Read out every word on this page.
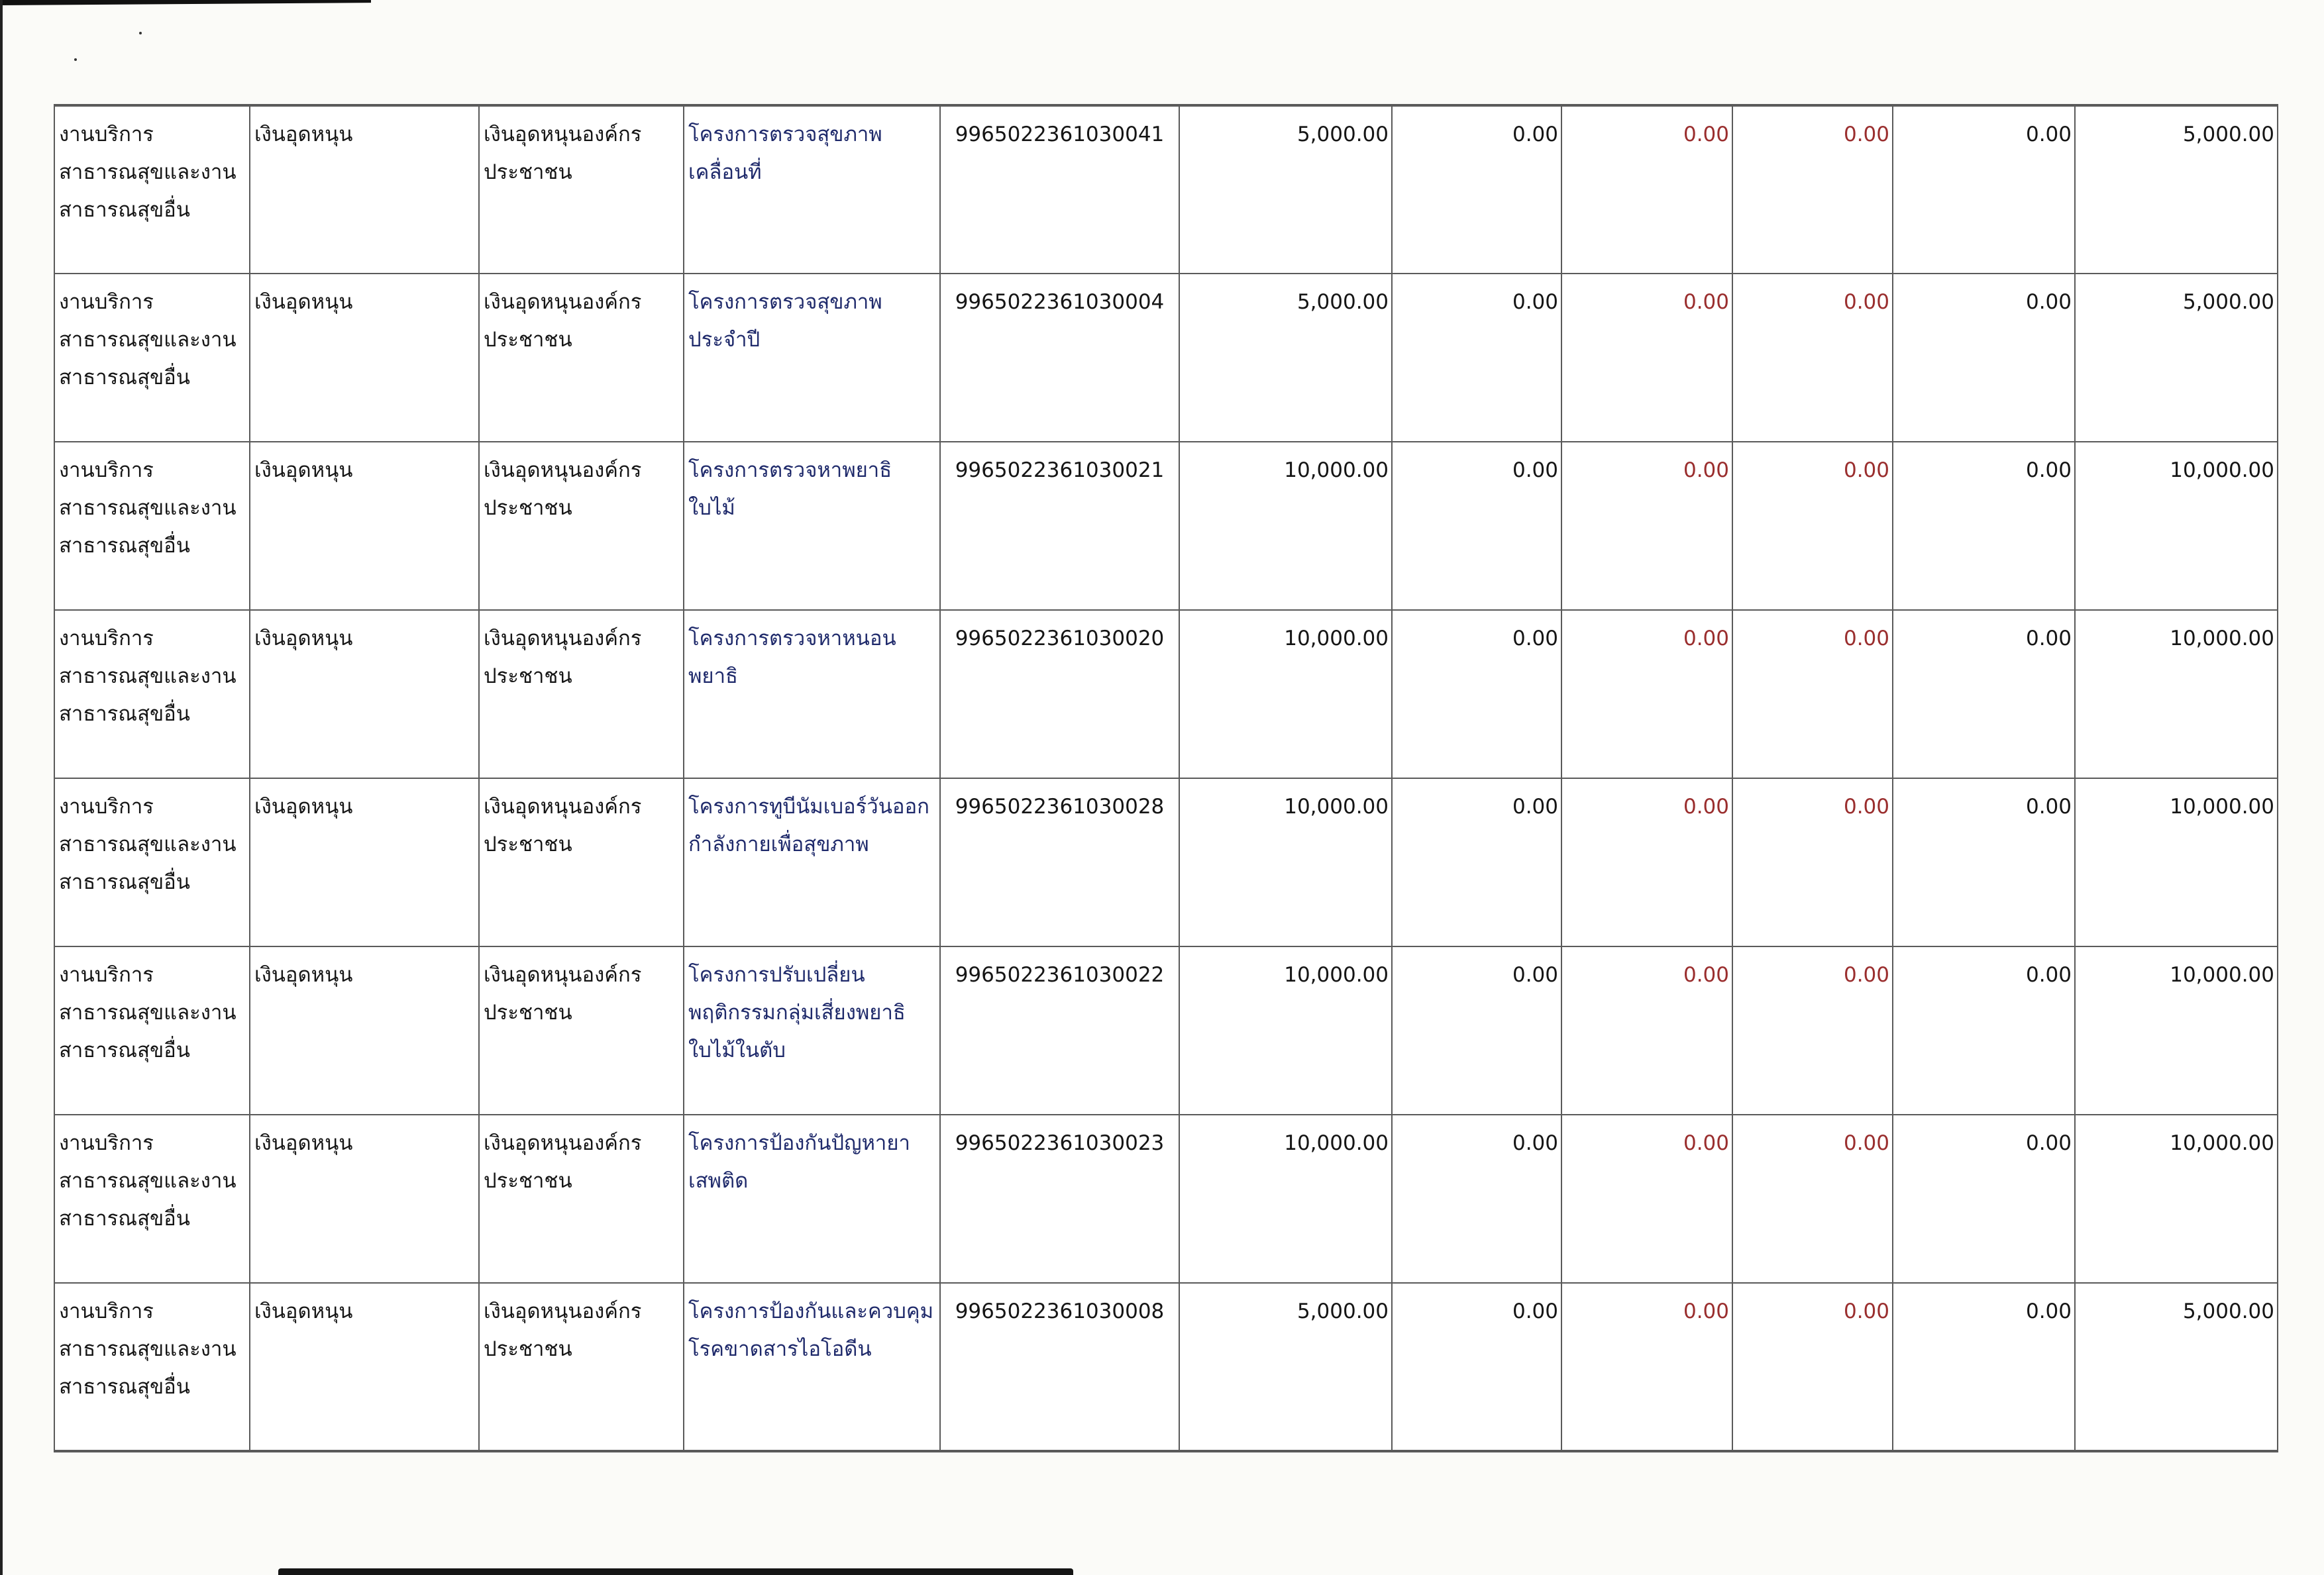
งานบริการสาธารณสุขและงานสาธารณสุขอื่น	เงินอุดหนุน	เงินอุดหนุนองค์กรประชาชน	โครงการตรวจสุขภาพเคลื่อนที่	9965022361030041	5,000.00	0.00	0.00	0.00	0.00	5,000.00
งานบริการสาธารณสุขและงานสาธารณสุขอื่น	เงินอุดหนุน	เงินอุดหนุนองค์กรประชาชน	โครงการตรวจสุขภาพประจำปี	9965022361030004	5,000.00	0.00	0.00	0.00	0.00	5,000.00
งานบริการสาธารณสุขและงานสาธารณสุขอื่น	เงินอุดหนุน	เงินอุดหนุนองค์กรประชาชน	โครงการตรวจหาพยาธิใบไม้	9965022361030021	10,000.00	0.00	0.00	0.00	0.00	10,000.00
งานบริการสาธารณสุขและงานสาธารณสุขอื่น	เงินอุดหนุน	เงินอุดหนุนองค์กรประชาชน	โครงการตรวจหาหนอนพยาธิ	9965022361030020	10,000.00	0.00	0.00	0.00	0.00	10,000.00
งานบริการสาธารณสุขและงานสาธารณสุขอื่น	เงินอุดหนุน	เงินอุดหนุนองค์กรประชาชน	โครงการทูบีนัมเบอร์วันออกกำลังกายเพื่อสุขภาพ	9965022361030028	10,000.00	0.00	0.00	0.00	0.00	10,000.00
งานบริการสาธารณสุขและงานสาธารณสุขอื่น	เงินอุดหนุน	เงินอุดหนุนองค์กรประชาชน	โครงการปรับเปลี่ยนพฤติกรรมกลุ่มเสี่ยงพยาธิใบไม้ในตับ	9965022361030022	10,000.00	0.00	0.00	0.00	0.00	10,000.00
งานบริการสาธารณสุขและงานสาธารณสุขอื่น	เงินอุดหนุน	เงินอุดหนุนองค์กรประชาชน	โครงการป้องกันปัญหายาเสพติด	9965022361030023	10,000.00	0.00	0.00	0.00	0.00	10,000.00
งานบริการสาธารณสุขและงานสาธารณสุขอื่น	เงินอุดหนุน	เงินอุดหนุนองค์กรประชาชน	โครงการป้องกันและควบคุมโรคขาดสารไอโอดีน	9965022361030008	5,000.00	0.00	0.00	0.00	0.00	5,000.00
